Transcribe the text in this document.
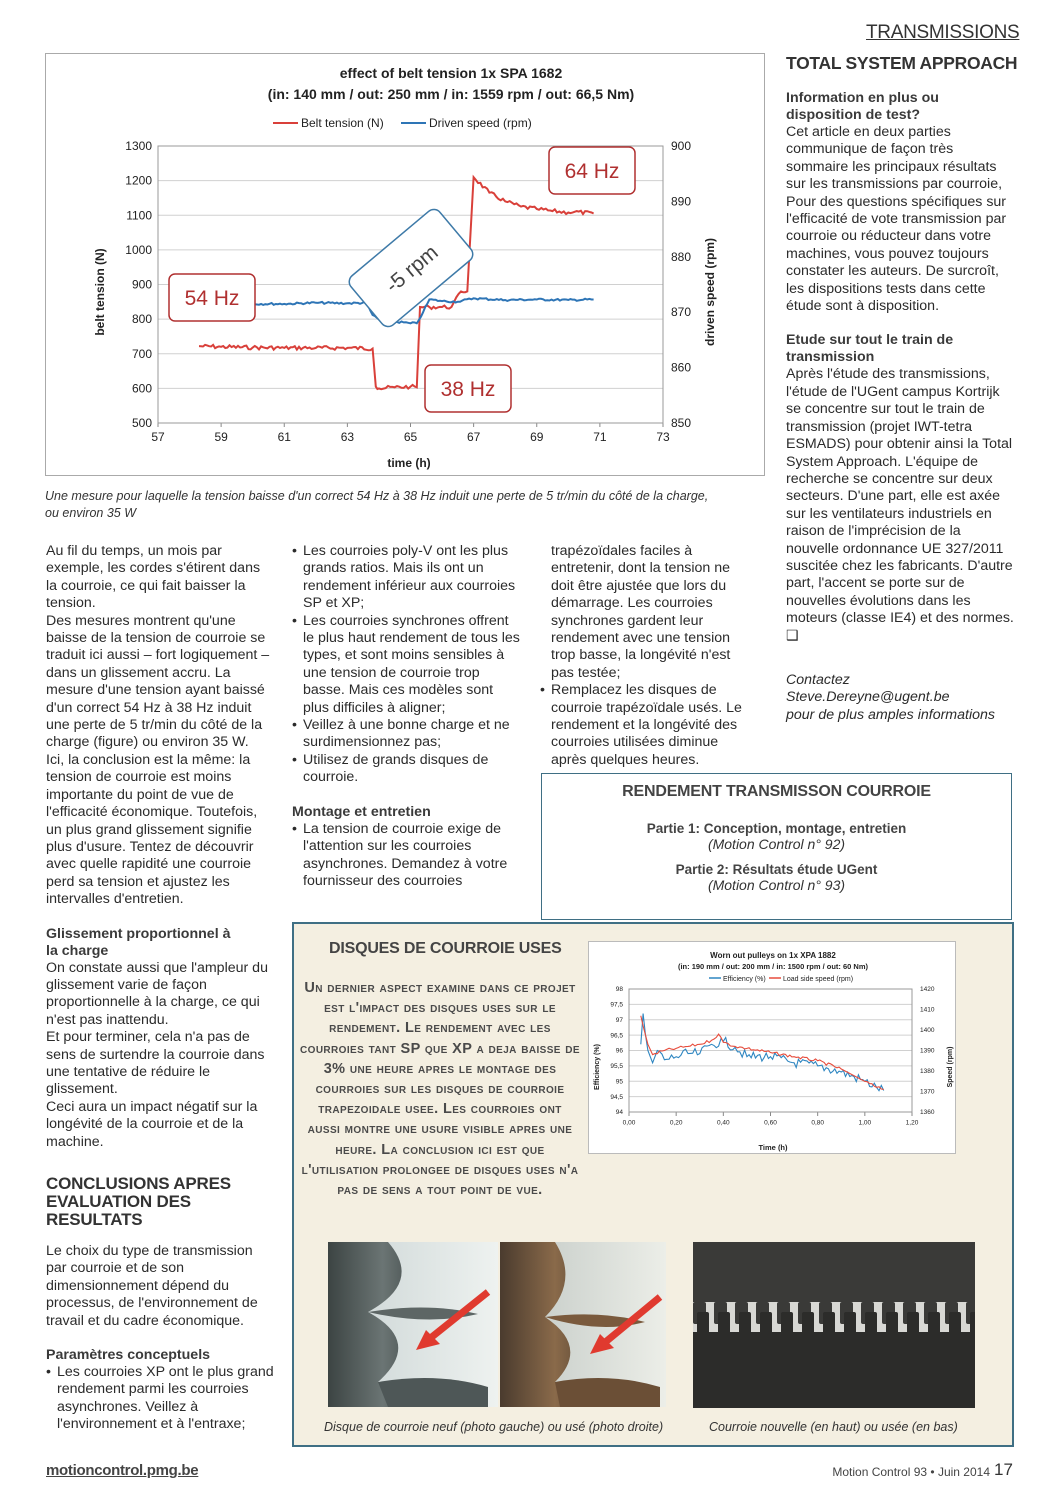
TRANSMISSIONS
TOTAL SYSTEM APPROACH
effect of belt tension 1x SPA 1682
(in: 140 mm / out: 250 mm / in: 1559 rpm / out: 66,5 Nm)
Belt tension (N)	Driven speed (rpm)
500
600
700
800
900
1000
1100
1200
1300
850
860
870
880
890
900
57	59	61	63	65	67	69	71	73
belt tension (N)	driven speed (rpm)
time (h)
54 Hz
-5 rpm
38 Hz
64 Hz
Une mesure pour laquelle la tension baisse d'un correct 54 Hz à 38 Hz induit une perte de 5 tr/min du côté de la charge, ou environ 35 W

Au fil du temps, un mois par exemple, les cordes s'étirent dans la courroie, ce qui fait baisser la tension.

Des mesures montrent qu'une baisse de la tension de courroie se traduit ici aussi – fort logiquement – dans un glissement accru. La mesure d'une tension ayant baissé d'un correct 54 Hz à 38 Hz induit une perte de 5 tr/min du côté de la charge (figure) ou environ 35 W.

Ici, la conclusion est la même: la tension de courroie est moins importante du point de vue de l'efficacité économique. Toutefois, un plus grand glissement signifie plus d'usure. Tentez de découvrir avec quelle rapidité une courroie perd sa tension et ajustez les intervalles d'entretien.

Glissement proportionnel à la charge

On constate aussi que l'ampleur du glissement varie de façon proportionnelle à la charge, ce qui n'est pas inattendu.

Et pour terminer, cela n'a pas de sens de surtendre la courroie dans une tentative de réduire le glissement.

Ceci aura un impact négatif sur la longévité de la courroie et de la machine.

CONCLUSIONS APRES EVALUATION DES RESULTATS

Le choix du type de transmission par courroie et de son dimensionnement dépend du processus, de l'environnement de travail et du cadre économique.

Paramètres conceptuels
• Les courroies XP ont le plus grand rendement parmi les courroies asynchrones. Veillez à l'environnement et à l'entraxe;
• Les courroies poly-V ont les plus grands ratios. Mais ils ont un rendement inférieur aux courroies SP et XP;
• Les courroies synchrones offrent le plus haut rendement de tous les types, et sont moins sensibles à une tension de courroie trop basse. Mais ces modèles sont plus difficiles à aligner;
• Veillez à une bonne charge et ne surdimensionnez pas;
• Utilisez de grands disques de courroie.
Montage et entretien
• La tension de courroie exige de l'attention sur les courroies asynchrones. Demandez à votre fournisseur des courroies

trapézoïdales faciles à entretenir, dont la tension ne doit être ajustée que lors du démarrage. Les courroies synchrones gardent leur rendement avec une tension trop basse, la longévité n'est pas testée;

• Remplacez les disques de courroie trapézoïdale usés. Le rendement et la longévité des courroies utilisées diminue après quelques heures.
Information en plus ou disposition de test?

Cet article en deux parties communique de façon très sommaire les principaux résultats sur les transmissions par courroie, Pour des questions spécifiques sur l'efficacité de vote transmission par courroie ou réducteur dans votre machines, vous pouvez toujours constater les auteurs. De surcroît, les dispositions tests dans cette étude sont à disposition.

Etude sur tout le train de transmission

Après l'étude des transmissions, l'étude de l'UGent campus Kortrijk se concentre sur tout le train de transmission (projet IWT-tetra ESMADS) pour obtenir ainsi la Total System Approach. L'équipe de recherche se concentre sur deux secteurs. D'une part, elle est axée sur les ventilateurs industriels en raison de l'imprécision de la nouvelle ordonnance UE 327/2011 suscitée chez les fabricants. D'autre part, l'accent se porte sur de nouvelles évolutions dans les moteurs (classe IE4) et des normes. ❑

Contactez
Steve.Dereyne@ugent.be
pour de plus amples informations
RENDEMENT TRANSMISSON COURROIE
Partie 1: Conception, montage, entretien
(Motion Control n° 92)
Partie 2: Résultats étude UGent
(Motion Control n° 93)
DISQUES DE COURROIE USES
Un dernier aspect examine dans ce projet est l'impact des disques uses sur le rendement. Le rendement avec les courroies tant SP que XP a deja baisse de 3% une heure apres le montage des courroies sur les disques de courroie trapezoidale usee. Les courroies ont aussi montre une usure visible apres une heure. La conclusion ici est que l'utilisation prolongee de disques uses n'a pas de sens a tout point de vue.
Worn out pulleys on 1x XPA 1882
(in: 190 mm / out: 200 mm / in: 1500 rpm / out: 60 Nm)
Efficiency (%) Load side speed (rpm)
94
94,5
95
95,5
96
96,5
97
97,5
98
1360
1370
1380
1390
1400
1410
1420
0,00	0,20	0,40	0,60	0,80	1,00	1,20
Efficiency (%)	Speed (rpm)
Time (h)
Disque de courroie neuf (photo gauche) ou usé (photo droite)	Courroie nouvelle (en haut) ou usée (en bas)
motioncontrol.pmg.be	Motion Control 93 • Juin 2014 17
